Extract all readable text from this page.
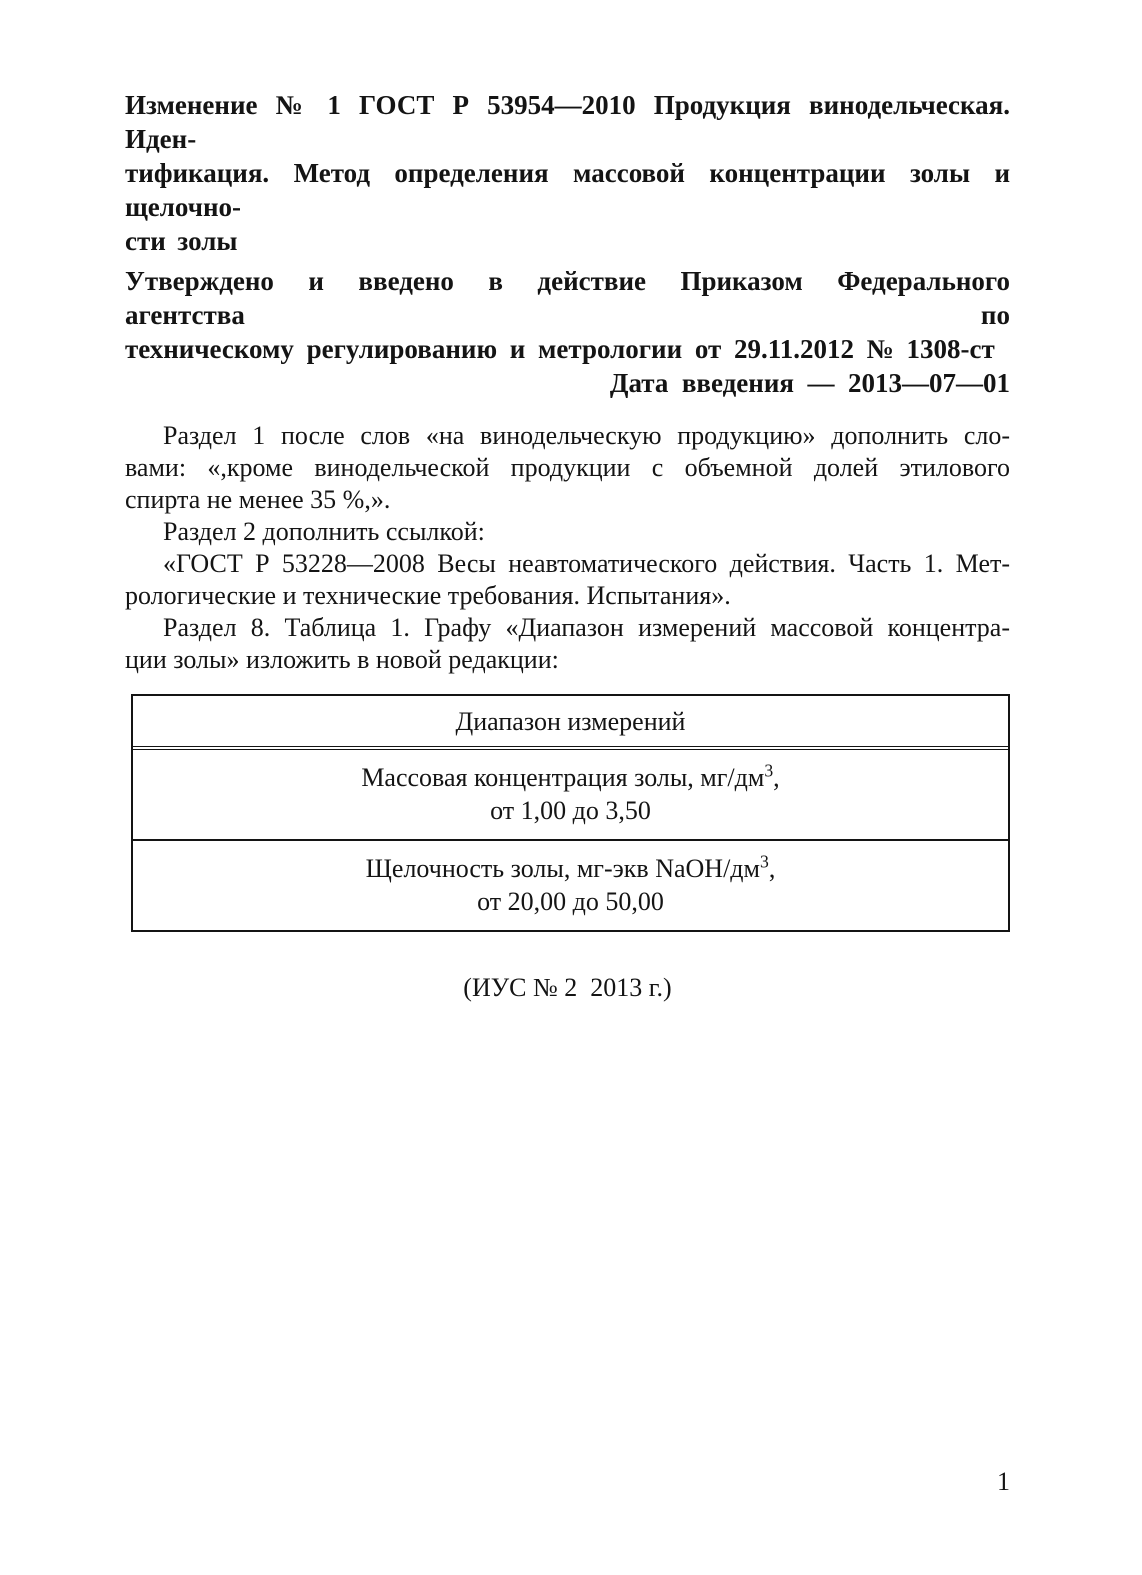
Изменение № 1 ГОСТ Р 53954—2010 Продукция винодельческая. Иден-
тификация. Метод определения массовой концентрации золы и щелочно-
сти золы

Утверждено и введено в действие Приказом Федерального агентства по
техническому регулированию и метрологии от 29.11.2012 № 1308-ст

Дата введения — 2013—07—01

Раздел 1 после слов «на винодельческую продукцию» дополнить сло-
вами: «,кроме винодельческой продукции с объемной долей этилового
спирта не менее 35 %,».

Раздел 2 дополнить ссылкой:

«ГОСТ Р 53228—2008 Весы неавтоматического действия. Часть 1. Мет-
рологические и технические требования. Испытания».

Раздел 8. Таблица 1. Графу «Диапазон измерений массовой концентра-
ции золы» изложить в новой редакции:

Диапазон измерений
Массовая концентрация золы, $мг/дм^3$,
от 1,00 до 3,50
Щелочность золы, мг-экв NaOH/$дм^3$,
от 20,00 до 50,00

(ИУС № 2  2013 г.)

1
